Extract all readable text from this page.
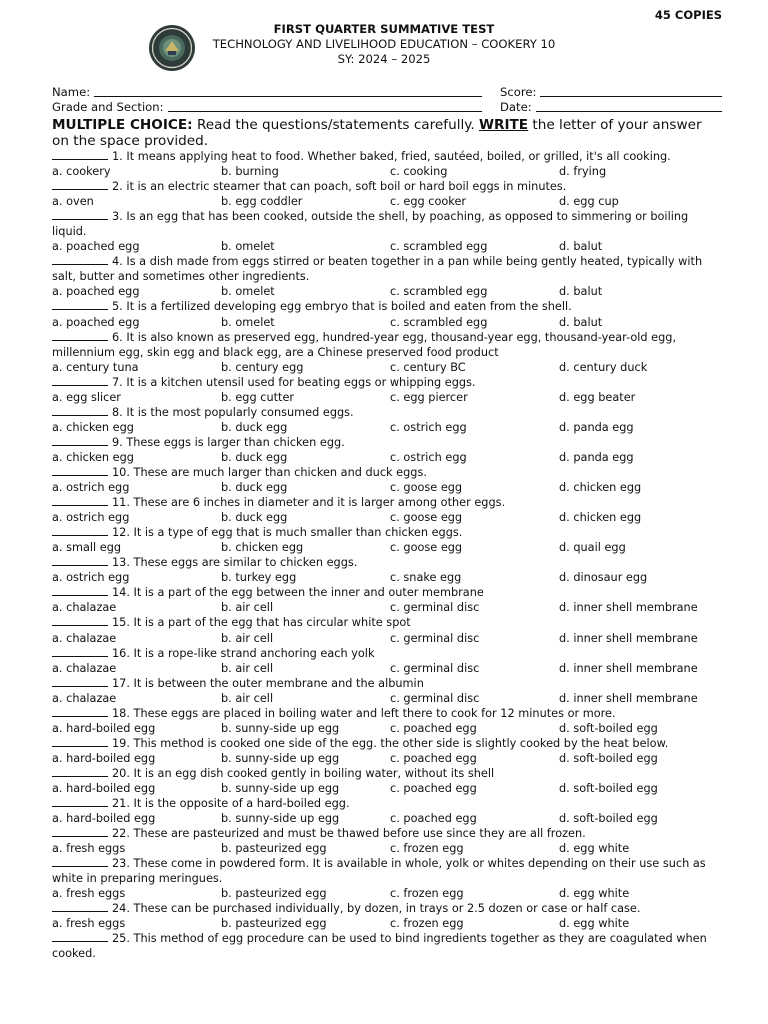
45 COPIES
FIRST QUARTER SUMMATIVE TEST
TECHNOLOGY AND LIVELIHOOD EDUCATION – COOKERY 10
SY: 2024 – 2025
Name:	Score:
Grade and Section:	Date:
MULTIPLE CHOICE: Read the questions/statements carefully. WRITE the letter of your answer on the space provided.
1. It means applying heat to food. Whether baked, fried, sautéed, boiled, or grilled, it's all cooking.
a. cookery	b. burning	c. cooking	d. frying
2. it is an electric steamer that can poach, soft boil or hard boil eggs in minutes.
a. oven	b. egg coddler	c. egg cooker	d. egg cup
3. Is an egg that has been cooked, outside the shell, by poaching, as opposed to simmering or boiling liquid.
a. poached egg	b. omelet	c. scrambled egg	d. balut
4. Is a dish made from eggs stirred or beaten together in a pan while being gently heated, typically with salt, butter and sometimes other ingredients.
a. poached egg	b. omelet	c. scrambled egg	d. balut
5. It is a fertilized developing egg embryo that is boiled and eaten from the shell.
a. poached egg	b. omelet	c. scrambled egg	d. balut
6. It is also known as preserved egg, hundred-year egg, thousand-year egg, thousand-year-old egg, millennium egg, skin egg and black egg, are a Chinese preserved food product
a. century tuna	b. century egg	c. century BC	d. century duck
7. It is a kitchen utensil used for beating eggs or whipping eggs.
a. egg slicer	b. egg cutter	c. egg piercer	d. egg beater
8. It is the most popularly consumed eggs.
a. chicken egg	b. duck egg	c. ostrich egg	d. panda egg
9. These eggs is larger than chicken egg.
a. chicken egg	b. duck egg	c. ostrich egg	d. panda egg
10. These are much larger than chicken and duck eggs.
a. ostrich egg	b. duck egg	c. goose egg	d. chicken egg
11. These are 6 inches in diameter and it is larger among other eggs.
a. ostrich egg	b. duck egg	c. goose egg	d. chicken egg
12. It is a type of egg that is much smaller than chicken eggs.
a. small egg	b. chicken egg	c. goose egg	d. quail egg
13. These eggs are similar to chicken eggs.
a. ostrich egg	b. turkey egg	c. snake egg	d. dinosaur egg
14. It is a part of the egg between the inner and outer membrane
a. chalazae	b. air cell	c. germinal disc	d. inner shell membrane
15. It is a part of the egg that has circular white spot
a. chalazae	b. air cell	c. germinal disc	d. inner shell membrane
16. It is a rope-like strand anchoring each yolk
a. chalazae	b. air cell	c. germinal disc	d. inner shell membrane
17. It is between the outer membrane and the albumin
a. chalazae	b. air cell	c. germinal disc	d. inner shell membrane
18. These eggs are placed in boiling water and left there to cook for 12 minutes or more.
a. hard-boiled egg	b. sunny-side up egg	c. poached egg	d. soft-boiled egg
19. This method is cooked one side of the egg. the other side is slightly cooked by the heat below.
a. hard-boiled egg	b. sunny-side up egg	c. poached egg	d. soft-boiled egg
20. It is an egg dish cooked gently in boiling water, without its shell
a. hard-boiled egg	b. sunny-side up egg	c. poached egg	d. soft-boiled egg
21. It is the opposite of a hard-boiled egg.
a. hard-boiled egg	b. sunny-side up egg	c. poached egg	d. soft-boiled egg
22. These are pasteurized and must be thawed before use since they are all frozen.
a. fresh eggs	b. pasteurized egg	c. frozen egg	d. egg white
23. These come in powdered form. It is available in whole, yolk or whites depending on their use such as white in preparing meringues.
a. fresh eggs	b. pasteurized egg	c. frozen egg	d. egg white
24. These can be purchased individually, by dozen, in trays or 2.5 dozen or case or half case.
a. fresh eggs	b. pasteurized egg	c. frozen egg	d. egg white
25. This method of egg procedure can be used to bind ingredients together as they are coagulated when cooked.
